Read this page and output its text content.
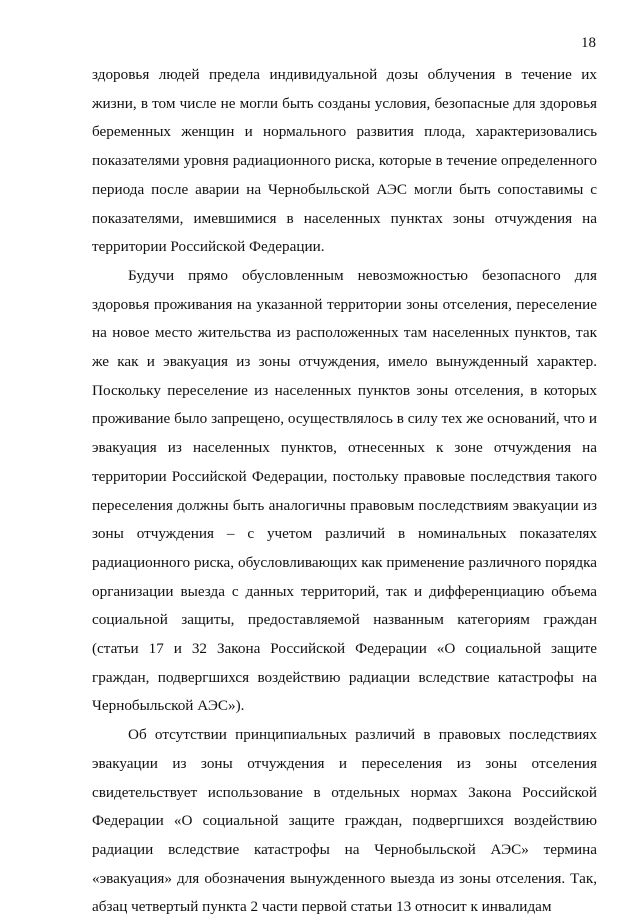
18

здоровья людей предела индивидуальной дозы облучения в течение их жизни, в том числе не могли быть созданы условия, безопасные для здоровья беременных женщин и нормального развития плода, характеризовались показателями уровня радиационного риска, которые в течение определенного периода после аварии на Чернобыльской АЭС могли быть сопоставимы с показателями, имевшимися в населенных пунктах зоны отчуждения на территории Российской Федерации.

Будучи прямо обусловленным невозможностью безопасного для здоровья проживания на указанной территории зоны отселения, переселение на новое место жительства из расположенных там населенных пунктов, так же как и эвакуация из зоны отчуждения, имело вынужденный характер. Поскольку переселение из населенных пунктов зоны отселения, в которых проживание было запрещено, осуществлялось в силу тех же оснований, что и эвакуация из населенных пунктов, отнесенных к зоне отчуждения на территории Российской Федерации, постольку правовые последствия такого переселения должны быть аналогичны правовым последствиям эвакуации из зоны отчуждения – с учетом различий в номинальных показателях радиационного риска, обусловливающих как применение различного порядка организации выезда с данных территорий, так и дифференциацию объема социальной защиты, предоставляемой названным категориям граждан (статьи 17 и 32 Закона Российской Федерации «О социальной защите граждан, подвергшихся воздействию радиации вследствие катастрофы на Чернобыльской АЭС»).

Об отсутствии принципиальных различий в правовых последствиях эвакуации из зоны отчуждения и переселения из зоны отселения свидетельствует использование в отдельных нормах Закона Российской Федерации «О социальной защите граждан, подвергшихся воздействию радиации вследствие катастрофы на Чернобыльской АЭС» термина «эвакуация» для обозначения вынужденного выезда из зоны отселения. Так, абзац четвертый пункта 2 части первой статьи 13 относит к инвалидам
